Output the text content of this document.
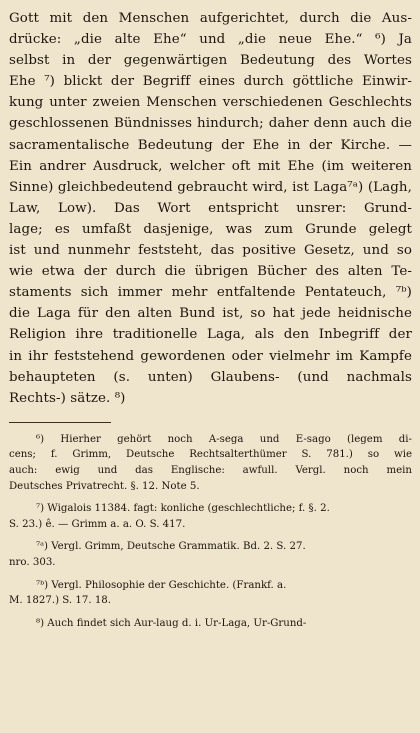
Gott mit den Menschen aufgerichtet, durch die Aus-
drücke: „die alte Ehe“ und „die neue Ehe.“ ⁶) Ja
selbst in der gegenwärtigen Bedeutung des Wortes
Ehe ⁷) blickt der Begriff eines durch göttliche Einwir-
kung unter zweien Menschen verschiedenen Geschlechts
geschlossenen Bündnisses hindurch; daher denn auch die
sacramentalische Bedeutung der Ehe in der Kirche. —
Ein andrer Ausdruck, welcher oft mit Ehe (im weiteren
Sinne) gleichbedeutend gebraucht wird, ist Laga⁷ᵃ) (Lagh,
Law, Low). Das Wort entspricht unsrer: Grund-
lage; es umfaßt dasjenige, was zum Grunde gelegt
ist und nunmehr feststeht, das positive Gesetz, und so
wie etwa der durch die übrigen Bücher des alten Te-
staments sich immer mehr entfaltende Pentateuch, ⁷ᵇ)
die Laga für den alten Bund ist, so hat jede heidnische
Religion ihre traditionelle Laga, als den Inbegriff der
in ihr feststehend gewordenen oder vielmehr im Kampfe
behaupteten (s. unten) Glaubens- (und nachmals
Rechts-) sätze. ⁸)
⁶) Hierher gehört noch A-sega und E-sago (legem di-
cens; f. Grimm, Deutsche Rechtsalterthümer S. 781.) so wie
auch: ewig und das Englische: awfull. Vergl. noch mein
Deutsches Privatrecht. §. 12. Note 5.
⁷) Wigalois 11384. fagt: konliche (geschlechtliche; f. §. 2.
S. 23.) ê. — Grimm a. a. O. S. 417.
⁷ᵃ) Vergl. Grimm, Deutsche Grammatik. Bd. 2. S. 27.
nro. 303.
⁷ᵇ) Vergl. Philosophie der Geschichte. (Frankf. a.
M. 1827.) S. 17. 18.
⁸) Auch findet sich Aur-laug d. i. Ur-Laga, Ur-Grund-
